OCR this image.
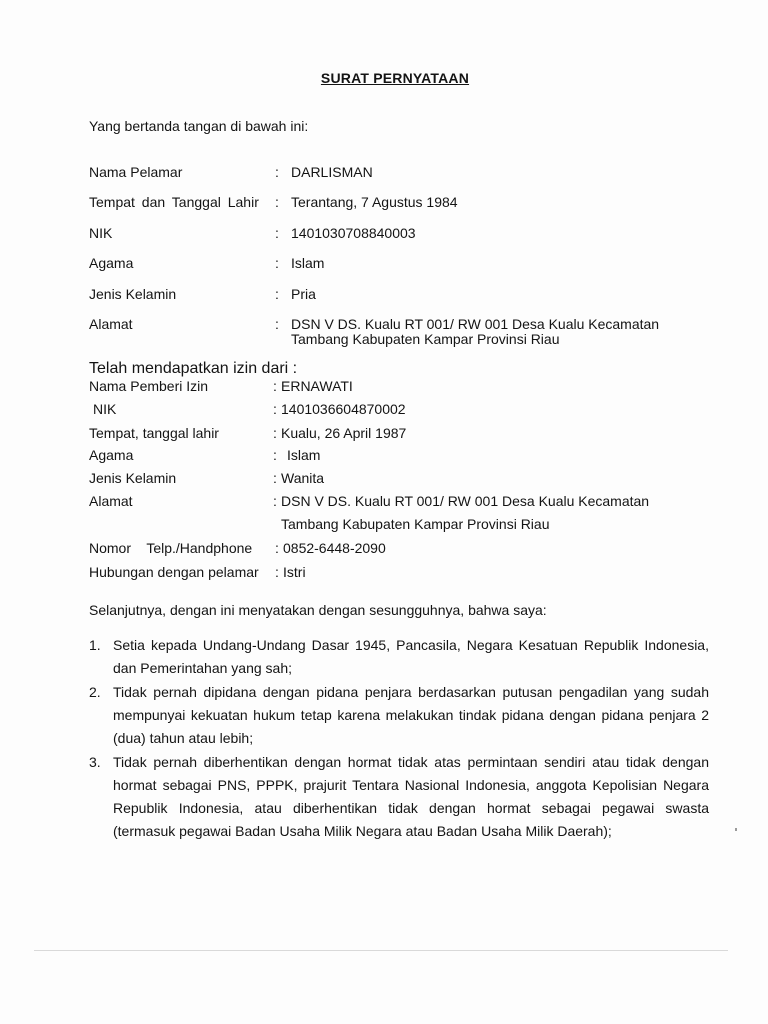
SURAT PERNYATAAN
Yang bertanda tangan di bawah ini:
Nama Pelamar	: DARLISMAN
Tempat dan Tanggal Lahir : Terantang, 7 Agustus 1984
NIK	: 1401030708840003
Agama	: Islam
Jenis Kelamin	: Pria
Alamat	: DSN V DS. Kualu RT 001/ RW 001 Desa Kualu Kecamatan
Tambang Kabupaten Kampar Provinsi Riau
Telah mendapatkan izin dari :
Nama Pemberi Izin	: ERNAWATI
NIK	: 1401036604870002
Tempat, tanggal lahir	: Kualu, 26 April 1987
Agama	: Islam
Jenis Kelamin	: Wanita
Alamat	: DSN V DS. Kualu RT 001/ RW 001 Desa Kualu Kecamatan
Tambang Kabupaten Kampar Provinsi Riau
Nomor    Telp./Handphone : 0852-6448-2090
Hubungan dengan pelamar : Istri
Selanjutnya, dengan ini menyatakan dengan sesungguhnya, bahwa saya:
1. Setia kepada Undang-Undang Dasar 1945, Pancasila, Negara Kesatuan Republik Indonesia, dan Pemerintahan yang sah;
2. Tidak pernah dipidana dengan pidana penjara berdasarkan putusan pengadilan yang sudah mempunyai kekuatan hukum tetap karena melakukan tindak pidana dengan pidana penjara 2 (dua) tahun atau lebih;
3. Tidak pernah diberhentikan dengan hormat tidak atas permintaan sendiri atau tidak dengan hormat sebagai PNS, PPPK, prajurit Tentara Nasional Indonesia, anggota Kepolisian Negara Republik Indonesia, atau diberhentikan tidak dengan hormat sebagai pegawai swasta (termasuk pegawai Badan Usaha Milik Negara atau Badan Usaha Milik Daerah);
